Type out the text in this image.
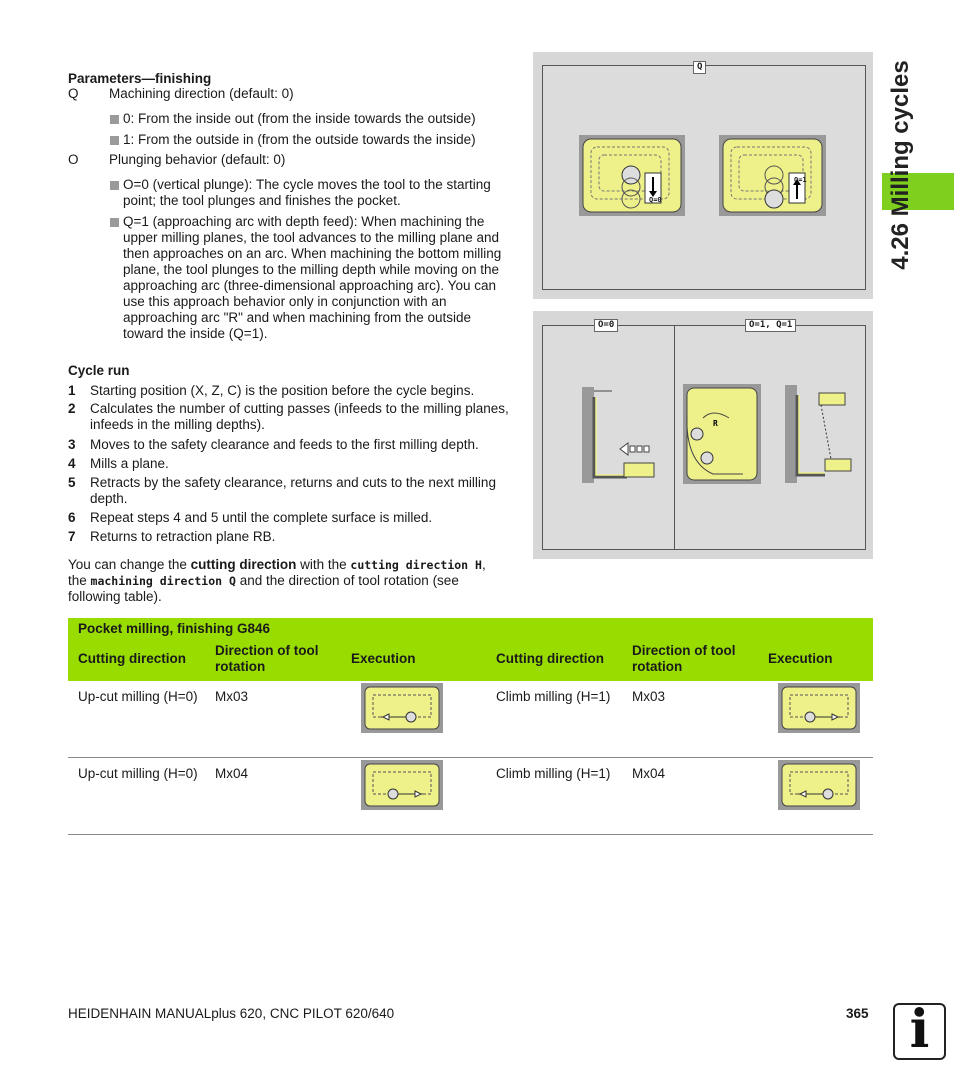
4.26 Milling cycles
Parameters—finishing
Q Machining direction (default: 0)
0: From the inside out (from the inside towards the outside)
1: From the outside in (from the outside towards the inside)
O Plunging behavior (default: 0)
O=0 (vertical plunge): The cycle moves the tool to the starting point; the tool plunges and finishes the pocket.
Q=1 (approaching arc with depth feed): When machining the upper milling planes, the tool advances to the milling plane and then approaches on an arc. When machining the bottom milling plane, the tool plunges to the milling depth while moving on the approaching arc (three-dimensional approaching arc). You can use this approach behavior only in conjunction with an approaching arc "R" and when machining from the outside toward the inside (Q=1).
Cycle run
1 Starting position (X, Z, C) is the position before the cycle begins.
2 Calculates the number of cutting passes (infeeds to the milling planes, infeeds in the milling depths).
3 Moves to the safety clearance and feeds to the first milling depth.
4 Mills a plane.
5 Retracts by the safety clearance, returns and cuts to the next milling depth.
6 Repeat steps 4 and 5 until the complete surface is milled.
7 Returns to retraction plane RB.
You can change the cutting direction with the cutting direction H,
the machining direction Q and the direction of tool rotation (see
following table).
Q
Q=0
Q=1
O=0	O=1, Q=1
R
Pocket milling, finishing G846					
Cutting direction	Direction of tool rotation	Execution	Cutting direction	Direction of tool rotation	Execution
Up-cut milling (H=0)	Mx03		Climb milling (H=1)	Mx03	
Up-cut milling (H=0)	Mx04		Climb milling (H=1)	Mx04	
HEIDENHAIN MANUALplus 620, CNC PILOT 620/640	365 i
